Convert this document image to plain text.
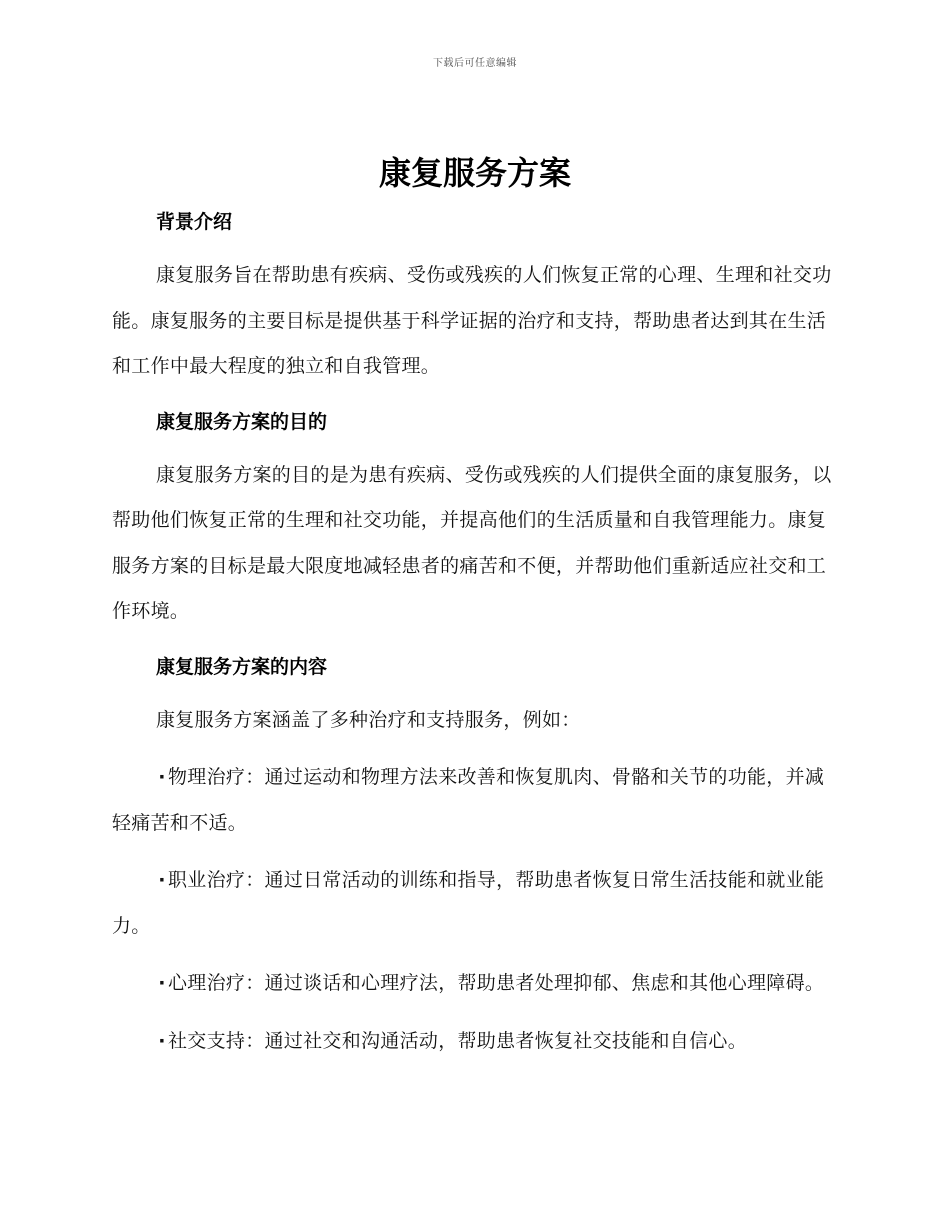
下载后可任意编辑
康复服务方案
背景介绍

康复服务旨在帮助患有疾病、受伤或残疾的人们恢复正常的心理、生理和社交功能。康复服务的主要目标是提供基于科学证据的治疗和支持，帮助患者达到其在生活和工作中最大程度的独立和自我管理。

康复服务方案的目的

康复服务方案的目的是为患有疾病、受伤或残疾的人们提供全面的康复服务，以帮助他们恢复正常的生理和社交功能，并提高他们的生活质量和自我管理能力。康复服务方案的目标是最大限度地减轻患者的痛苦和不便，并帮助他们重新适应社交和工作环境。

康复服务方案的内容

康复服务方案涵盖了多种治疗和支持服务，例如：

· 物理治疗：通过运动和物理方法来改善和恢复肌肉、骨骼和关节的功能，并减轻痛苦和不适。

· 职业治疗：通过日常活动的训练和指导，帮助患者恢复日常生活技能和就业能力。

· 心理治疗：通过谈话和心理疗法，帮助患者处理抑郁、焦虑和其他心理障碍。

· 社交支持：通过社交和沟通活动，帮助患者恢复社交技能和自信心。
